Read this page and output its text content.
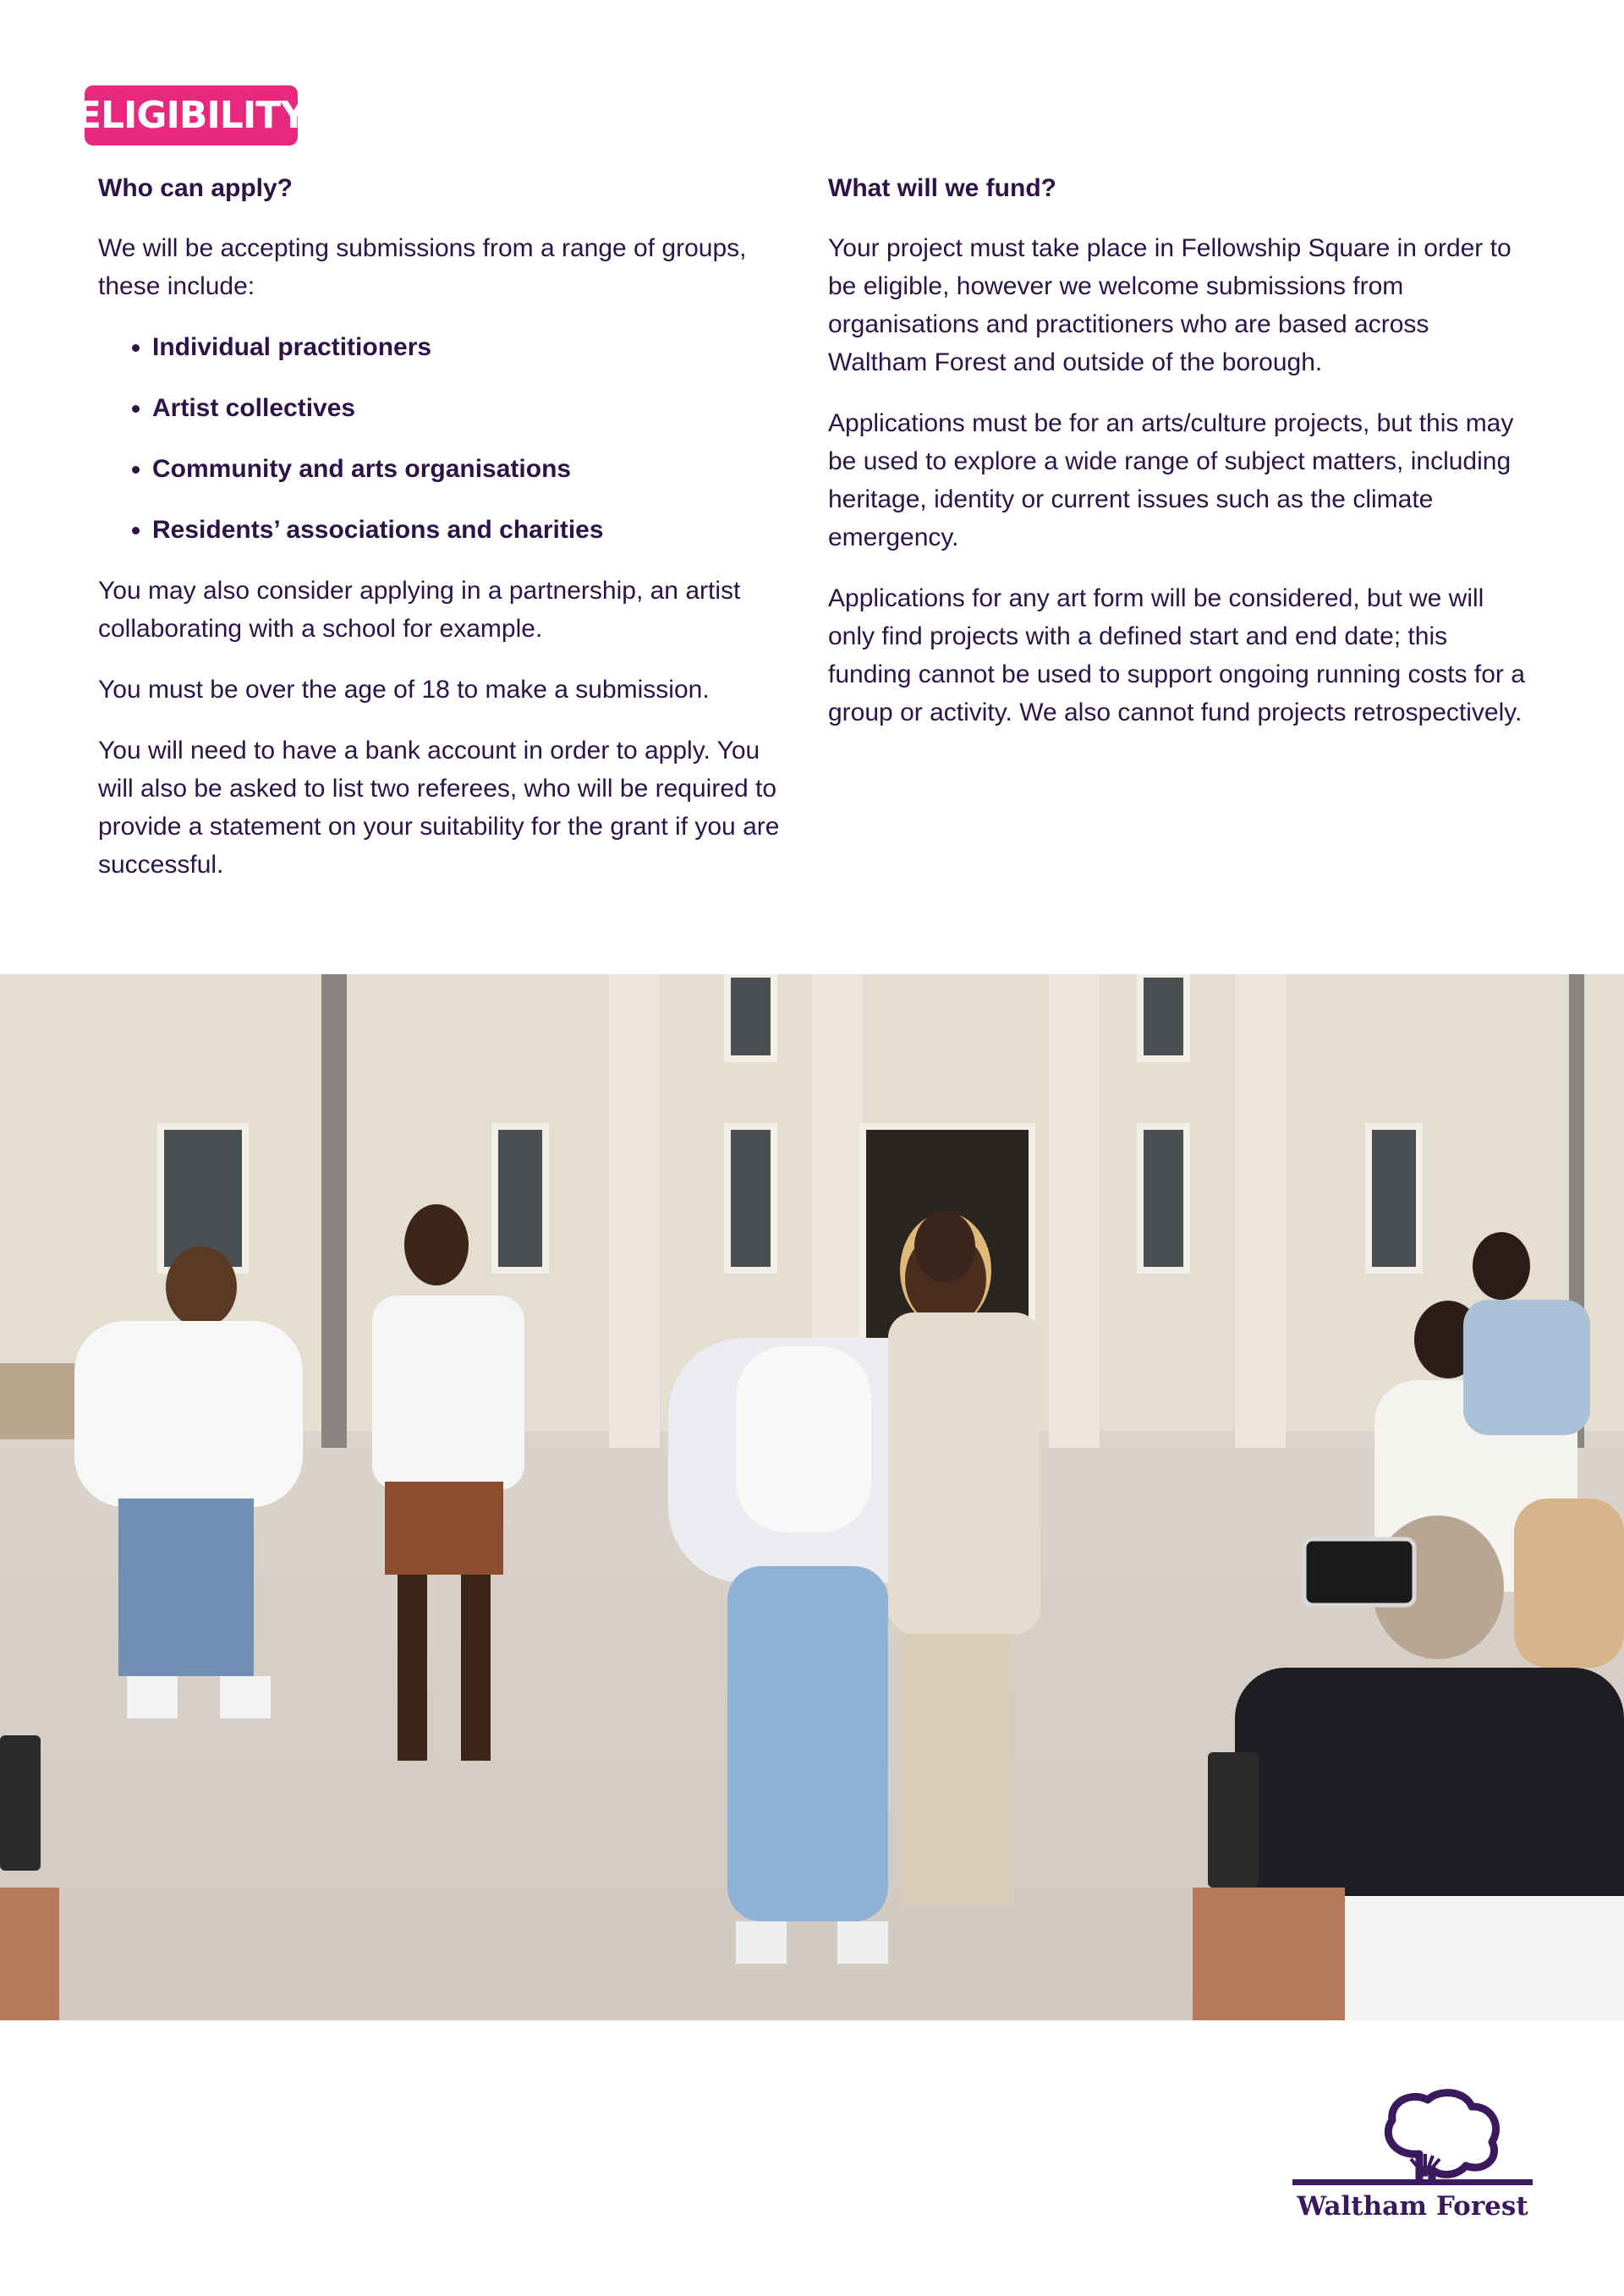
ELIGIBILITY
Who can apply?

We will be accepting submissions from a range of groups, these include:

Individual practitioners
Artist collectives
Community and arts organisations
Residents’ associations and charities

You may also consider applying in a partnership, an artist collaborating with a school for example.

You must be over the age of 18 to make a submission.

You will need to have a bank account in order to apply. You will also be asked to list two referees, who will be required to provide a statement on your suitability for the grant if you are successful.

What will we fund?

Your project must take place in Fellowship Square in order to be eligible, however we welcome submissions from organisations and practitioners who are based across Waltham Forest and outside of the borough.

Applications must be for an arts/culture projects, but this may be used to explore a wide range of subject matters, including heritage, identity or current issues such as the climate emergency.

Applications for any art form will be considered, but we will only find projects with a defined start and end date; this funding cannot be used to support ongoing running costs for a group or activity. We also cannot fund projects retrospectively.

Waltham Forest
